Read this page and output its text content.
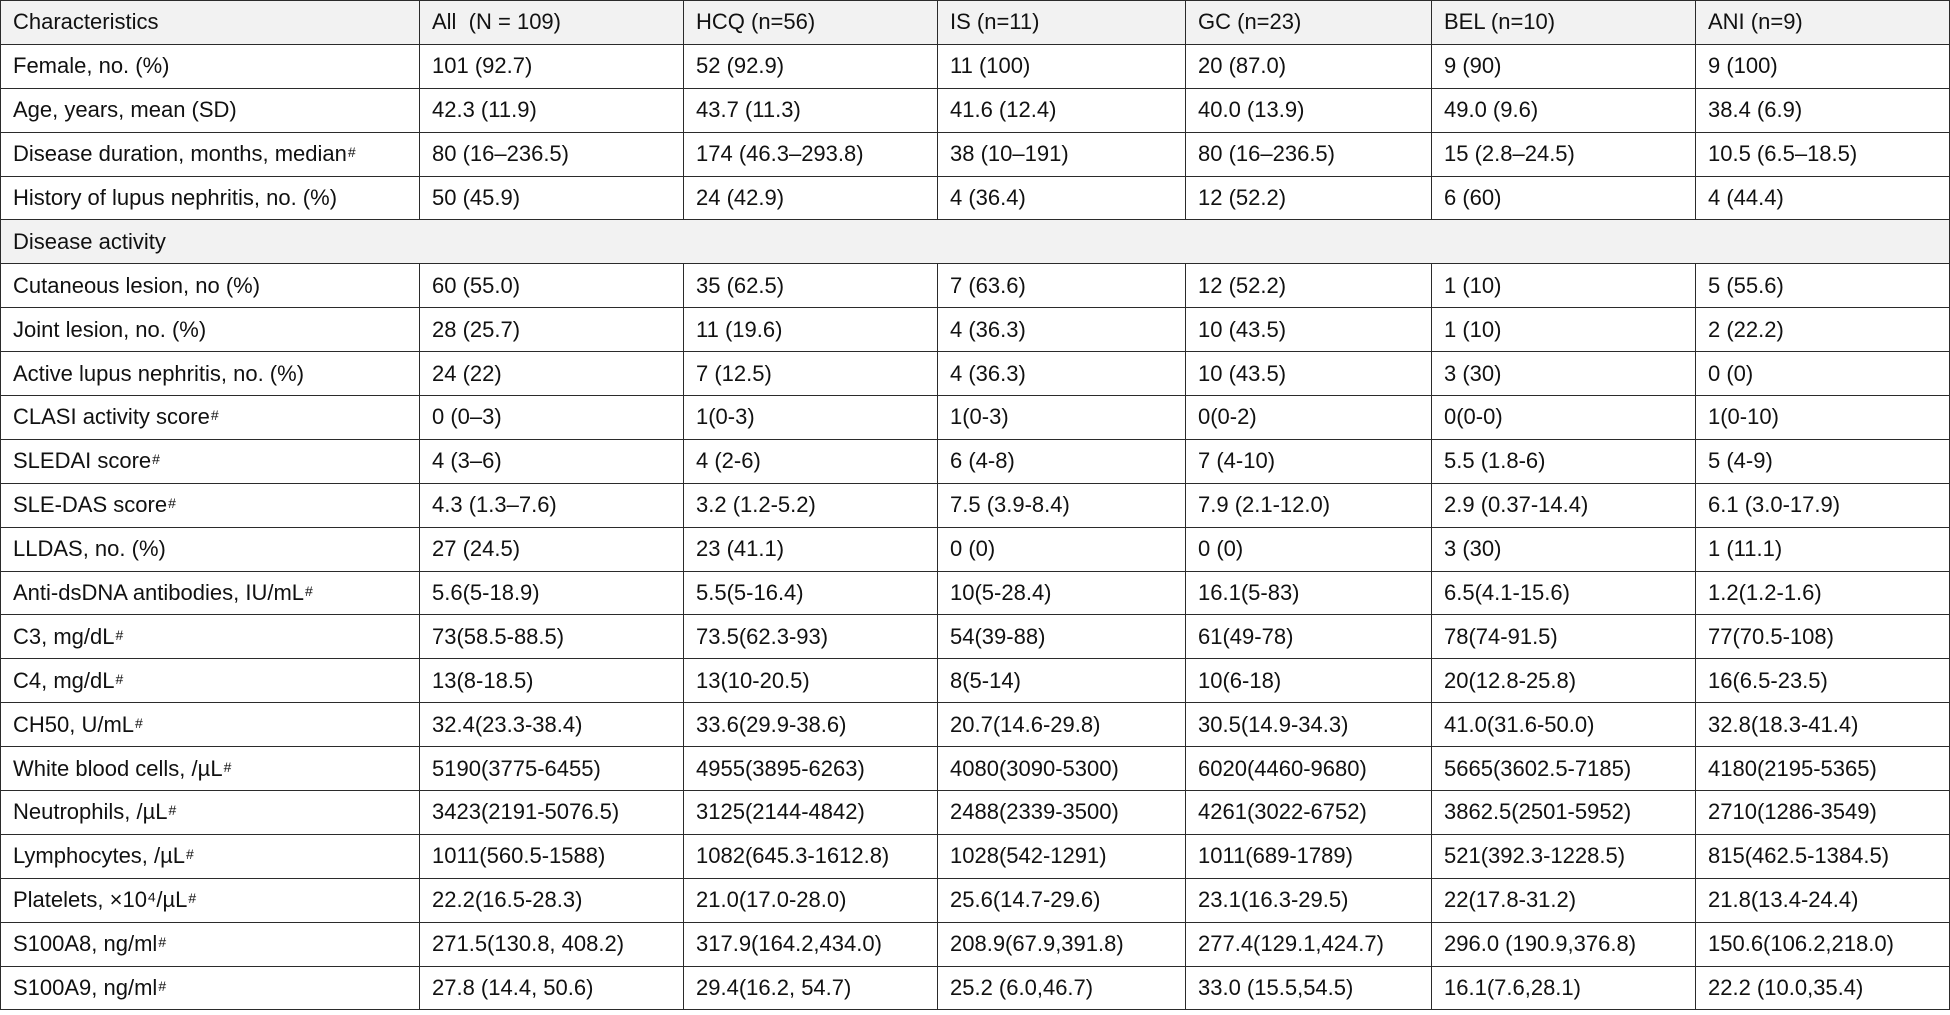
Characteristics	All  (N = 109)	HCQ (n=56)	IS (n=11)	GC (n=23)	BEL (n=10)	ANI (n=9)
Female, no. (%)	101 (92.7)	52 (92.9)	11 (100)	20 (87.0)	9 (90)	9 (100)
Age, years, mean (SD)	42.3 (11.9)	43.7 (11.3)	41.6 (12.4)	40.0 (13.9)	49.0 (9.6)	38.4 (6.9)
Disease duration, months, median#	80 (16–236.5)	174 (46.3–293.8)	38 (10–191)	80 (16–236.5)	15 (2.8–24.5)	10.5 (6.5–18.5)
History of lupus nephritis, no. (%)	50 (45.9)	24 (42.9)	4 (36.4)	12 (52.2)	6 (60)	4 (44.4)
Disease activity						
Cutaneous lesion, no (%)	60 (55.0)	35 (62.5)	7 (63.6)	12 (52.2)	1 (10)	5 (55.6)
Joint lesion, no. (%)	28 (25.7)	11 (19.6)	4 (36.3)	10 (43.5)	1 (10)	2 (22.2)
Active lupus nephritis, no. (%)	24 (22)	7 (12.5)	4 (36.3)	10 (43.5)	3 (30)	0 (0)
CLASI activity score#	0 (0–3)	1(0-3)	1(0-3)	0(0-2)	0(0-0)	1(0-10)
SLEDAI score#	4 (3–6)	4 (2-6)	6 (4-8)	7 (4-10)	5.5 (1.8-6)	5 (4-9)
SLE-DAS score#	4.3 (1.3–7.6)	3.2 (1.2-5.2)	7.5 (3.9-8.4)	7.9 (2.1-12.0)	2.9 (0.37-14.4)	6.1 (3.0-17.9)
LLDAS, no. (%)	27 (24.5)	23 (41.1)	0 (0)	0 (0)	3 (30)	1 (11.1)
Anti-dsDNA antibodies, IU/mL#	5.6(5-18.9)	5.5(5-16.4)	10(5-28.4)	16.1(5-83)	6.5(4.1-15.6)	1.2(1.2-1.6)
C3, mg/dL#	73(58.5-88.5)	73.5(62.3-93)	54(39-88)	61(49-78)	78(74-91.5)	77(70.5-108)
C4, mg/dL#	13(8-18.5)	13(10-20.5)	8(5-14)	10(6-18)	20(12.8-25.8)	16(6.5-23.5)
CH50, U/mL#	32.4(23.3-38.4)	33.6(29.9-38.6)	20.7(14.6-29.8)	30.5(14.9-34.3)	41.0(31.6-50.0)	32.8(18.3-41.4)
White blood cells, /µL#	5190(3775-6455)	4955(3895-6263)	4080(3090-5300)	6020(4460-9680)	5665(3602.5-7185)	4180(2195-5365)
Neutrophils, /µL#	3423(2191-5076.5)	3125(2144-4842)	2488(2339-3500)	4261(3022-6752)	3862.5(2501-5952)	2710(1286-3549)
Lymphocytes, /µL#	1011(560.5-1588)	1082(645.3-1612.8)	1028(542-1291)	1011(689-1789)	521(392.3-1228.5)	815(462.5-1384.5)
Platelets, ×10⁴/µL#	22.2(16.5-28.3)	21.0(17.0-28.0)	25.6(14.7-29.6)	23.1(16.3-29.5)	22(17.8-31.2)	21.8(13.4-24.4)
S100A8, ng/ml#	271.5(130.8, 408.2)	317.9(164.2,434.0)	208.9(67.9,391.8)	277.4(129.1,424.7)	296.0 (190.9,376.8)	150.6(106.2,218.0)
S100A9, ng/ml#	27.8 (14.4, 50.6)	29.4(16.2, 54.7)	25.2 (6.0,46.7)	33.0 (15.5,54.5)	16.1(7.6,28.1)	22.2 (10.0,35.4)
